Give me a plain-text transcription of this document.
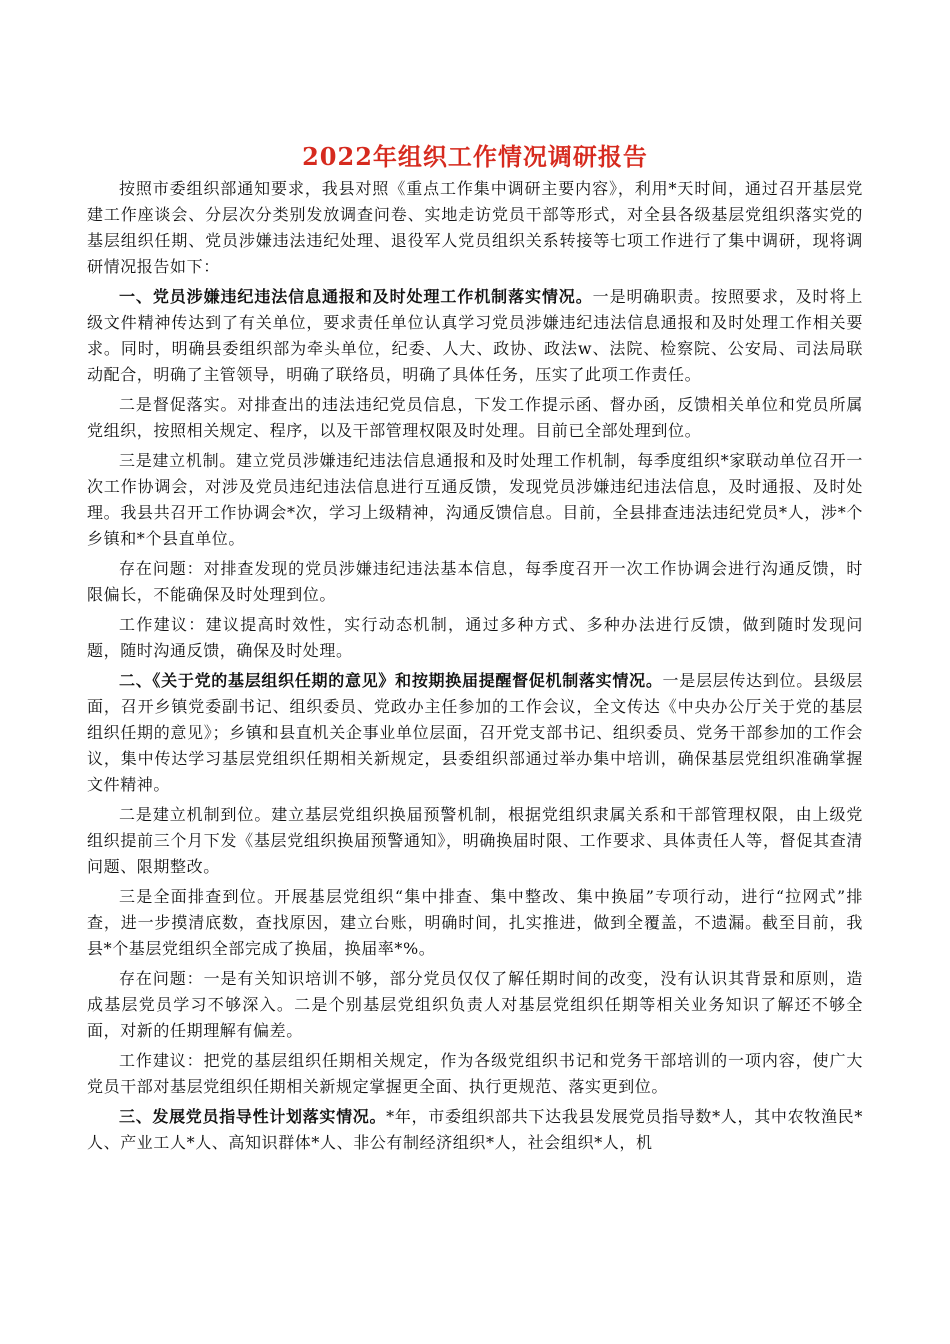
2022年组织工作情况调研报告

按照市委组织部通知要求，我县对照《重点工作集中调研主要内容》，利用*天时间，通过召开基层党建工作座谈会、分层次分类别发放调查问卷、实地走访党员干部等形式，对全县各级基层党组织落实党的基层组织任期、党员涉嫌违法违纪处理、退役军人党员组织关系转接等七项工作进行了集中调研，现将调研情况报告如下：

一、党员涉嫌违纪违法信息通报和及时处理工作机制落实情况。一是明确职责。按照要求，及时将上级文件精神传达到了有关单位，要求责任单位认真学习党员涉嫌违纪违法信息通报和及时处理工作相关要求。同时，明确县委组织部为牵头单位，纪委、人大、政协、政法w、法院、检察院、公安局、司法局联动配合，明确了主管领导，明确了联络员，明确了具体任务，压实了此项工作责任。

二是督促落实。对排查出的违法违纪党员信息，下发工作提示函、督办函，反馈相关单位和党员所属党组织，按照相关规定、程序，以及干部管理权限及时处理。目前已全部处理到位。

三是建立机制。建立党员涉嫌违纪违法信息通报和及时处理工作机制，每季度组织*家联动单位召开一次工作协调会，对涉及党员违纪违法信息进行互通反馈，发现党员涉嫌违纪违法信息，及时通报、及时处理。我县共召开工作协调会*次，学习上级精神，沟通反馈信息。目前，全县排查违法违纪党员*人，涉*个乡镇和*个县直单位。

存在问题：对排查发现的党员涉嫌违纪违法基本信息，每季度召开一次工作协调会进行沟通反馈，时限偏长，不能确保及时处理到位。

工作建议：建议提高时效性，实行动态机制，通过多种方式、多种办法进行反馈，做到随时发现问题，随时沟通反馈，确保及时处理。

二、《关于党的基层组织任期的意见》和按期换届提醒督促机制落实情况。一是层层传达到位。县级层面，召开乡镇党委副书记、组织委员、党政办主任参加的工作会议，全文传达《中央办公厅关于党的基层组织任期的意见》；乡镇和县直机关企事业单位层面，召开党支部书记、组织委员、党务干部参加的工作会议，集中传达学习基层党组织任期相关新规定，县委组织部通过举办集中培训，确保基层党组织准确掌握文件精神。

二是建立机制到位。建立基层党组织换届预警机制，根据党组织隶属关系和干部管理权限，由上级党组织提前三个月下发《基层党组织换届预警通知》，明确换届时限、工作要求、具体责任人等，督促其查清问题、限期整改。

三是全面排查到位。开展基层党组织“集中排查、集中整改、集中换届”专项行动，进行“拉网式”排查，进一步摸清底数，查找原因，建立台账，明确时间，扎实推进，做到全覆盖，不遗漏。截至目前，我县*个基层党组织全部完成了换届，换届率*%。

存在问题：一是有关知识培训不够，部分党员仅仅了解任期时间的改变，没有认识其背景和原则，造成基层党员学习不够深入。二是个别基层党组织负责人对基层党组织任期等相关业务知识了解还不够全面，对新的任期理解有偏差。

工作建议：把党的基层组织任期相关规定，作为各级党组织书记和党务干部培训的一项内容，使广大党员干部对基层党组织任期相关新规定掌握更全面、执行更规范、落实更到位。

三、发展党员指导性计划落实情况。*年，市委组织部共下达我县发展党员指导数*人，其中农牧渔民*人、产业工人*人、高知识群体*人、非公有制经济组织*人，社会组织*人，机
